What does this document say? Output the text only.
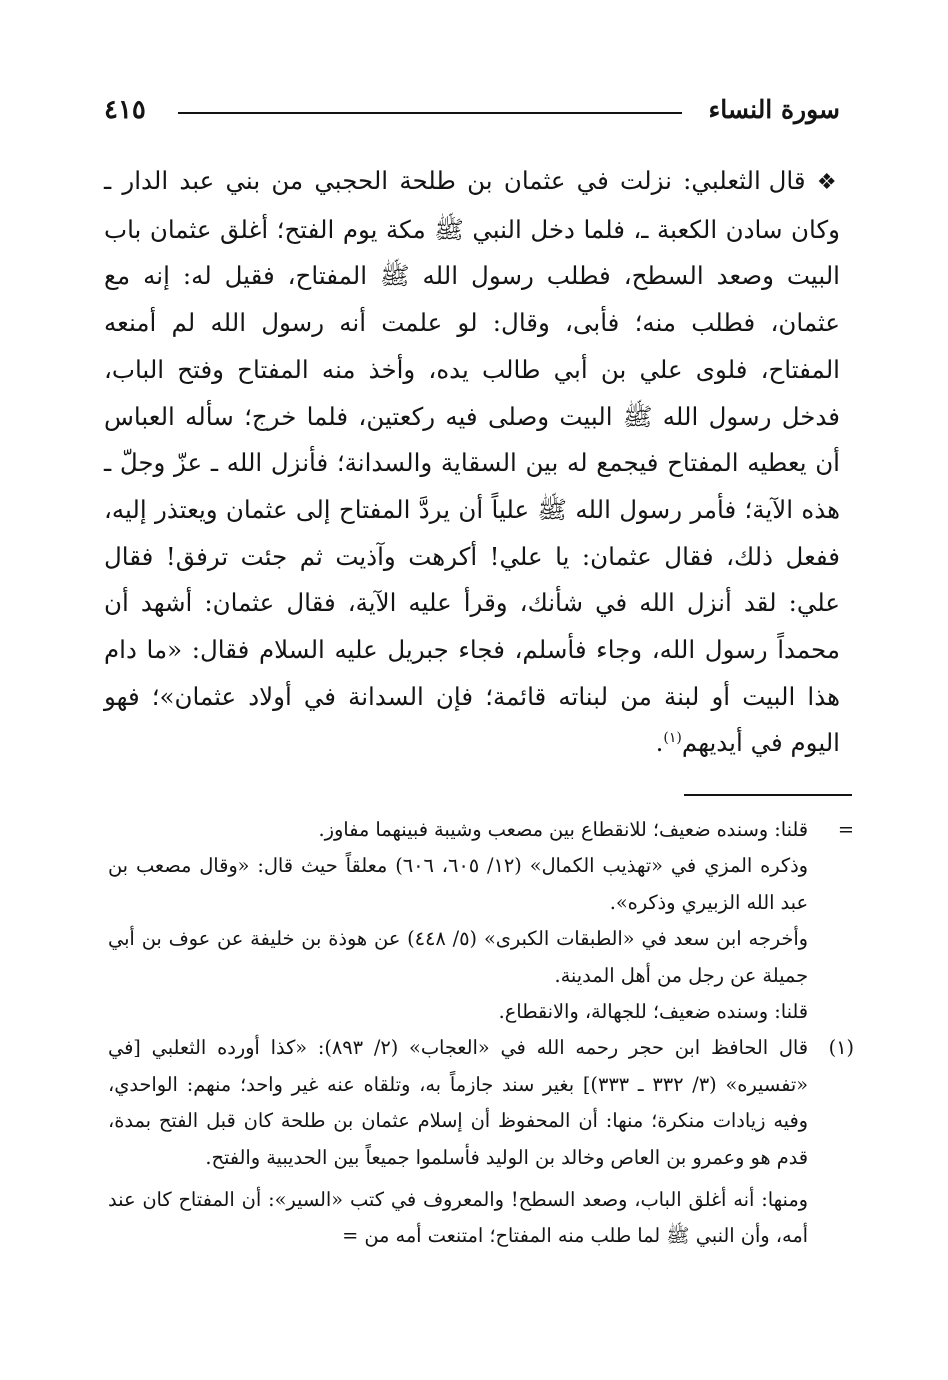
سورة النساء
٤١٥

❖ قال الثعلبي: نزلت في عثمان بن طلحة الحجبي من بني عبد الدار ـ وكان سادن الكعبة ـ، فلما دخل النبي ﷺ مكة يوم الفتح؛ أغلق عثمان باب البيت وصعد السطح، فطلب رسول الله ﷺ المفتاح، فقيل له: إنه مع عثمان، فطلب منه؛ فأبى، وقال: لو علمت أنه رسول الله لم أمنعه المفتاح، فلوى علي بن أبي طالب يده، وأخذ منه المفتاح وفتح الباب، فدخل رسول الله ﷺ البيت وصلى فيه ركعتين، فلما خرج؛ سأله العباس أن يعطيه المفتاح فيجمع له بين السقاية والسدانة؛ فأنزل الله ـ عزّ وجلّ ـ هذه الآية؛ فأمر رسول الله ﷺ علياً أن يردَّ المفتاح إلى عثمان ويعتذر إليه، ففعل ذلك، فقال عثمان: يا علي! أكرهت وآذيت ثم جئت ترفق! فقال علي: لقد أنزل الله في شأنك، وقرأ عليه الآية، فقال عثمان: أشهد أن محمداً رسول الله، وجاء فأسلم، فجاء جبريل عليه السلام فقال: «ما دام هذا البيت أو لبنة من لبناته قائمة؛ فإن السدانة في أولاد عثمان»؛ فهو اليوم في أيديهم$^{(١)}$.

=
قلنا: وسنده ضعيف؛ للانقطاع بين مصعب وشيبة فبينهما مفاوز.

وذكره المزي في «تهذيب الكمال» (١٢/ ٦٠٥، ٦٠٦) معلقاً حيث قال: «وقال مصعب بن عبد الله الزبيري وذكره».

وأخرجه ابن سعد في «الطبقات الكبرى» (٥/ ٤٤٨) عن هوذة بن خليفة عن عوف بن أبي جميلة عن رجل من أهل المدينة.

قلنا: وسنده ضعيف؛ للجهالة، والانقطاع.

(١)
قال الحافظ ابن حجر رحمه الله في «العجاب» (٢/ ٨٩٣): «كذا أورده الثعلبي [في «تفسيره» (٣/ ٣٣٢ ـ ٣٣٣)] بغير سند جازماً به، وتلقاه عنه غير واحد؛ منهم: الواحدي، وفيه زيادات منكرة؛ منها: أن المحفوظ أن إسلام عثمان بن طلحة كان قبل الفتح بمدة، قدم هو وعمرو بن العاص وخالد بن الوليد فأسلموا جميعاً بين الحديبية والفتح.

ومنها: أنه أغلق الباب، وصعد السطح! والمعروف في كتب «السير»: أن المفتاح كان عند أمه، وأن النبي ﷺ لما طلب منه المفتاح؛ امتنعت أمه من =
